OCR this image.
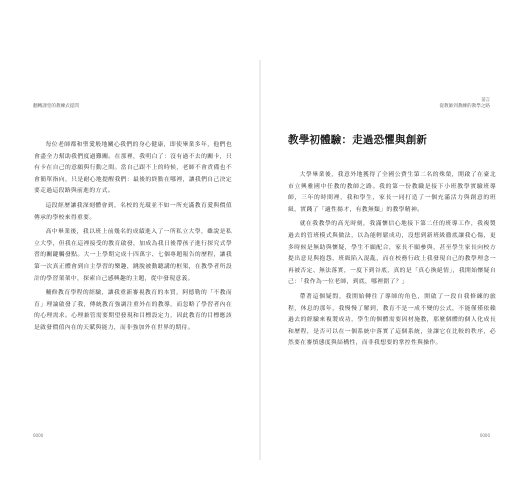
翻轉課堂的教練式提問

每位老師都和聖愛般地關心我們的身心健康，即使畢業多年，他們也會盡全力幫助我們度過難關。在那裡，我明白了：沒有過不去的關卡，只有卡在自己的意願與行動之間。當自己跟不上的時候，老師不會責備也不會簡單指向，只是耐心地提醒我們：最後的終點在哪裡，讓我們自己決定要走過這段路與前進的方式。

這段經歷讓我深刻體會到，名校的光環並不如一所充滿教育愛與價值傳承的學校來得重要。

高中畢業後，我以班上前幾名的成績進入了一所私立大學，雖說是私立大學，但我在這裡接受的教育啟發，加成為我日後帶孩子進行探究式學習的關鍵觸發點。大一上學期完成十四萬字、七個專題報告的歷程，讓我第一次真正體會到自主學習的樂趣，跳脫被動聽講的框架，在教學者所設計的學習架架中，探索自己感興趣的主題，從中發現意義。

輔修教育學程的經驗，讓我重新審視教育的本質，阿德勒的「不教而育」理論啟發了我，傳統教育強調注重外在的教導，而忽略了學習者內在的心理需求。心理兼管需要期望發現和目標設定力，因此教育的目標應該是啟發價值內在的天賦與能力，而非強加外在世界的期待。

0000
前言
從教師到教練的教學之路
教學初體驗：走過恐懼與創新

大學畢業後，我意外地獲得了全國公費生第二名的殊榮，開啟了在臺北市立興雅國中任教的教師之路。我的第一份教職是接下小班教學實驗班導師，三年的時間裡，我和學生，家長一同打造了一個充滿活力與創意的班級，實踐了「適性揚才，有教無類」的教學精神。

就在我教學的高光時刻，我滿懷信心地接下第二任的班導工作，我複製過去的管班模式與做法，以為能輕鬆成功，沒想到新班級徹底讓我心傷，更多時候是無助與懷疑，學生不願配合，家長不願參與，甚至學生家長向校方提出意見與抱怨，班級陷入混亂，而在校務行政上我發現自己的教學理念一再被否定、無法落實，一度下到谷底，真的是「真心換絕情」，我開始懷疑自己：「我作為一位老師，到底，哪裡錯了？」

帶著這個疑問，我開始轉往了導師的角色，開啟了一段自我修練的旅程，休息的那年，我慢慢了解到，教育不是一成不變的公式，不能僅僅依賴過去的經驗來複製成功，學生的個體需要因材施教，那麼個體的個人化成長和歷程，是否可以在一個系統中落實了這個系統，並讓它在比較的秩序，必然要在審慎態度與結構性，而非我想要的掌控性與操作。

0000
